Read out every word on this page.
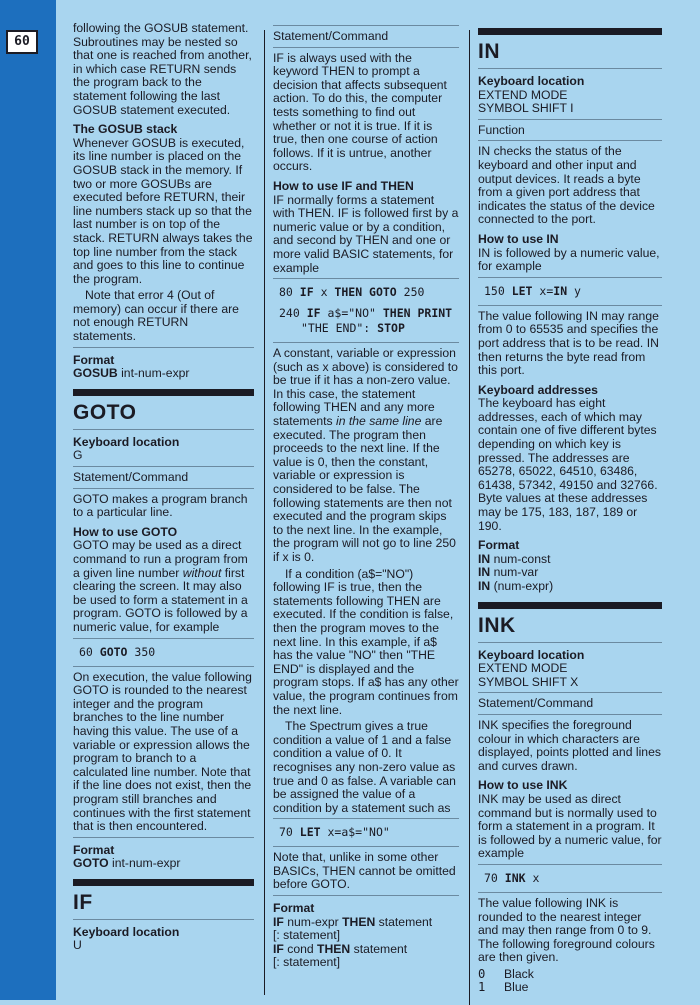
60

following the GOSUB statement. Subroutines may be nested so that one is reached from another, in which case RETURN sends the program back to the statement following the last GOSUB statement executed.

The GOSUB stack

Whenever GOSUB is executed, its line number is placed on the GOSUB stack in the memory. If two or more GOSUBs are executed before RETURN, their line numbers stack up so that the last number is on top of the stack. RETURN always takes the top line number from the stack and goes to this line to continue the program.

Note that error 4 (Out of memory) can occur if there are not enough RETURN statements.

Format

GOSUB int-num-expr

GOTO

Keyboard location

G

Statement/Command

GOTO makes a program branch to a particular line.

How to use GOTO

GOTO may be used as a direct command to run a program from a given line number without first clearing the screen. It may also be used to form a statement in a program. GOTO is followed by a numeric value, for example

60 GOTO 350

On execution, the value following GOTO is rounded to the nearest integer and the program branches to the line number having this value. The use of a variable or expression allows the program to branch to a calculated line number. Note that if the line does not exist, then the program still branches and continues with the first statement that is then encountered.

Format

GOTO int-num-expr

IF

Keyboard location

U

Statement/Command

IF is always used with the keyword THEN to prompt a decision that affects subsequent action. To do this, the computer tests something to find out whether or not it is true. If it is true, then one course of action follows. If it is untrue, another occurs.

How to use IF and THEN

IF normally forms a statement with THEN. IF is followed first by a numeric value or by a condition, and second by THEN and one or more valid BASIC statements, for example

80 IF x THEN GOTO 250
240 IF a$="NO" THEN PRINT
"THE END": STOP

A constant, variable or expression (such as x above) is considered to be true if it has a non-zero value. In this case, the statement following THEN and any more statements in the same line are executed. The program then proceeds to the next line. If the value is 0, then the constant, variable or expression is considered to be false. The following statements are then not executed and the program skips to the next line. In the example, the program will not go to line 250 if x is 0.

If a condition (a$="NO") following IF is true, then the statements following THEN are executed. If the condition is false, then the program moves to the next line. In this example, if a$ has the value "NO" then "THE END" is displayed and the program stops. If a$ has any other value, the program continues from the next line.

The Spectrum gives a true condition a value of 1 and a false condition a value of 0. It recognises any non-zero value as true and 0 as false. A variable can be assigned the value of a condition by a statement such as

70 LET x=a$="NO"

Note that, unlike in some other BASICs, THEN cannot be omitted before GOTO.

Format

IF num-expr THEN statement

[: statement]

IF cond THEN statement

[: statement]

IN

Keyboard location

EXTEND MODE

SYMBOL SHIFT I

Function

IN checks the status of the keyboard and other input and output devices. It reads a byte from a given port address that indicates the status of the device connected to the port.

How to use IN

IN is followed by a numeric value, for example

150 LET x=IN y

The value following IN may range from 0 to 65535 and specifies the port address that is to be read. IN then returns the byte read from this port.

Keyboard addresses

The keyboard has eight addresses, each of which may contain one of five different bytes depending on which key is pressed. The addresses are 65278, 65022, 64510, 63486, 61438, 57342, 49150 and 32766. Byte values at these addresses may be 175, 183, 187, 189 or 190.

Format

IN num-const

IN num-var

IN (num-expr)

INK

Keyboard location

EXTEND MODE

SYMBOL SHIFT X

Statement/Command

INK specifies the foreground colour in which characters are displayed, points plotted and lines and curves drawn.

How to use INK

INK may be used as direct command but is normally used to form a statement in a program. It is followed by a numeric value, for example

70 INK x

The value following INK is rounded to the nearest integer and may then range from 0 to 9. The following foreground colours are then given.

0	Black
1	Blue
